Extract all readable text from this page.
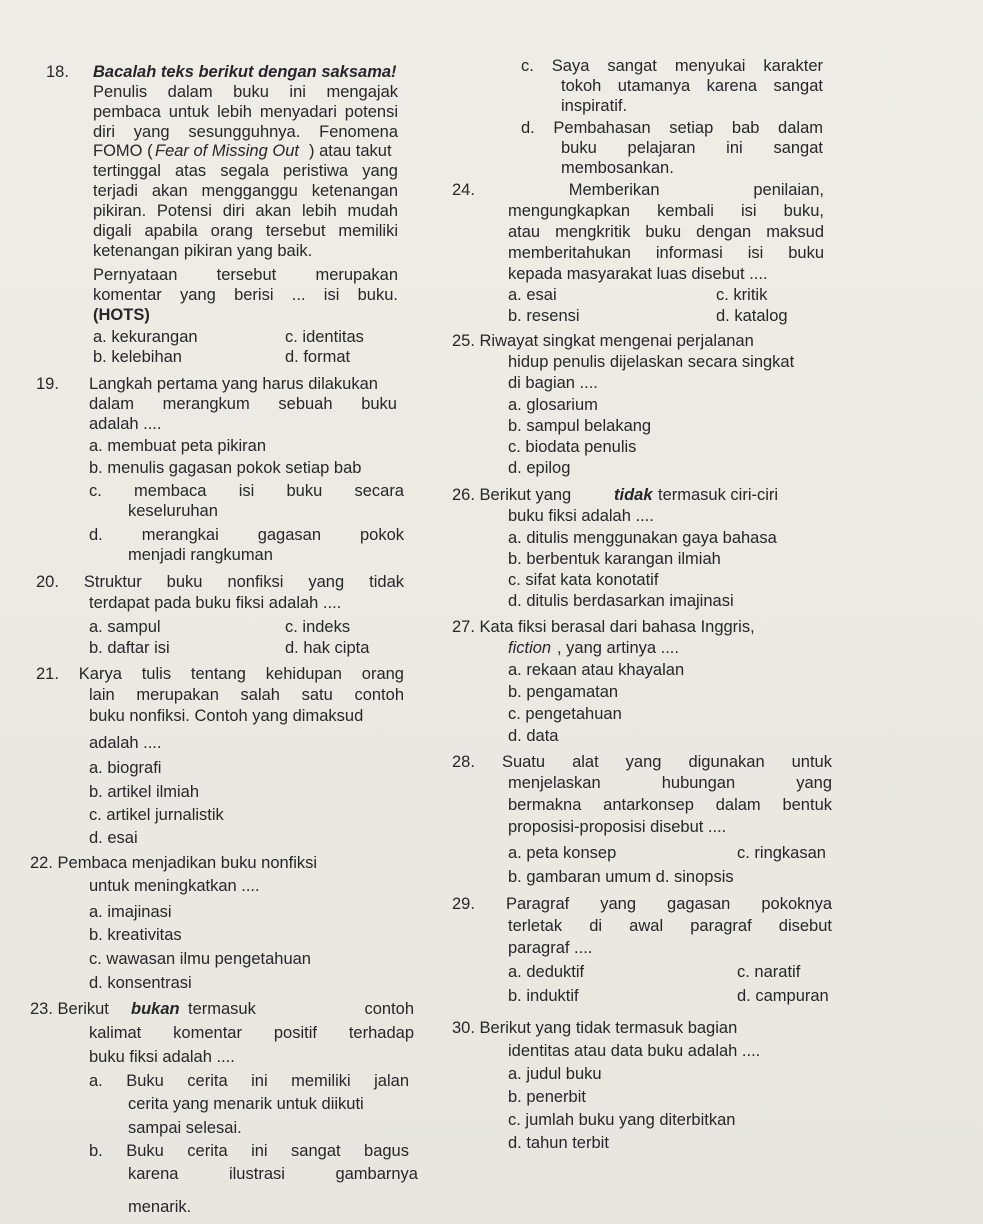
18. Bacalah teks berikut dengan saksama!
Penulis dalam buku ini mengajak
pembaca untuk lebih menyadari potensi
diri yang sesungguhnya. Fenomena
FOMO ( Fear of Missing Out ) atau takut
tertinggal atas segala peristiwa yang
terjadi akan mengganggu ketenangan
pikiran. Potensi diri akan lebih mudah
digali apabila orang tersebut memiliki
ketenangan pikiran yang baik.
Pernyataan tersebut merupakan
komentar yang berisi ... isi buku.
(HOTS)
a. kekurangan	c. identitas
b. kelebihan	d. format
19. Langkah pertama yang harus dilakukan
dalam merangkum sebuah buku
adalah ....
a. membuat peta pikiran
b. menulis gagasan pokok setiap bab
c. membaca isi buku secara
keseluruhan
d. merangkai gagasan pokok
menjadi rangkuman
20. Struktur buku nonfiksi yang tidak
terdapat pada buku fiksi adalah ....
a. sampul	c. indeks
b. daftar isi	d. hak cipta
21. Karya tulis tentang kehidupan orang
lain merupakan salah satu contoh
buku nonfiksi. Contoh yang dimaksud
adalah ....
a. biografi
b. artikel ilmiah
c. artikel jurnalistik
d. esai
22. Pembaca menjadikan buku nonfiksi
untuk meningkatkan ....
a. imajinasi
b. kreativitas
c. wawasan ilmu pengetahuan
d. konsentrasi
23. Berikut bukan termasuk contoh
kalimat komentar positif terhadap
buku fiksi adalah ....
a. Buku cerita ini memiliki jalan
cerita yang menarik untuk diikuti
sampai selesai.
b. Buku cerita ini sangat bagus
karena ilustrasi gambarnya
menarik.
c. Saya sangat menyukai karakter
tokoh utamanya karena sangat
inspiratif.
d. Pembahasan setiap bab dalam
buku pelajaran ini sangat
membosankan.
24. Memberikan penilaian,
mengungkapkan kembali isi buku,
atau mengkritik buku dengan maksud
memberitahukan informasi isi buku
kepada masyarakat luas disebut ....
a. esai	c. kritik
b. resensi	d. katalog
25. Riwayat singkat mengenai perjalanan
hidup penulis dijelaskan secara singkat
di bagian ....
a. glosarium
b. sampul belakang
c. biodata penulis
d. epilog
26. Berikut yang	tidak termasuk ciri-ciri
buku fiksi adalah ....
a. ditulis menggunakan gaya bahasa
b. berbentuk karangan ilmiah
c. sifat kata konotatif
d. ditulis berdasarkan imajinasi
27. Kata fiksi berasal dari bahasa Inggris,
fiction , yang artinya ....
a. rekaan atau khayalan
b. pengamatan
c. pengetahuan
d. data
28. Suatu alat yang digunakan untuk
menjelaskan hubungan yang
bermakna antarkonsep dalam bentuk
proposisi-proposisi disebut ....
a. peta konsep	c. ringkasan
b. gambaran umum d. sinopsis
29. Paragraf yang gagasan pokoknya
terletak di awal paragraf disebut
paragraf ....
a. deduktif	c. naratif
b. induktif	d. campuran
30. Berikut yang tidak termasuk bagian
identitas atau data buku adalah ....
a. judul buku
b. penerbit
c. jumlah buku yang diterbitkan
d. tahun terbit
